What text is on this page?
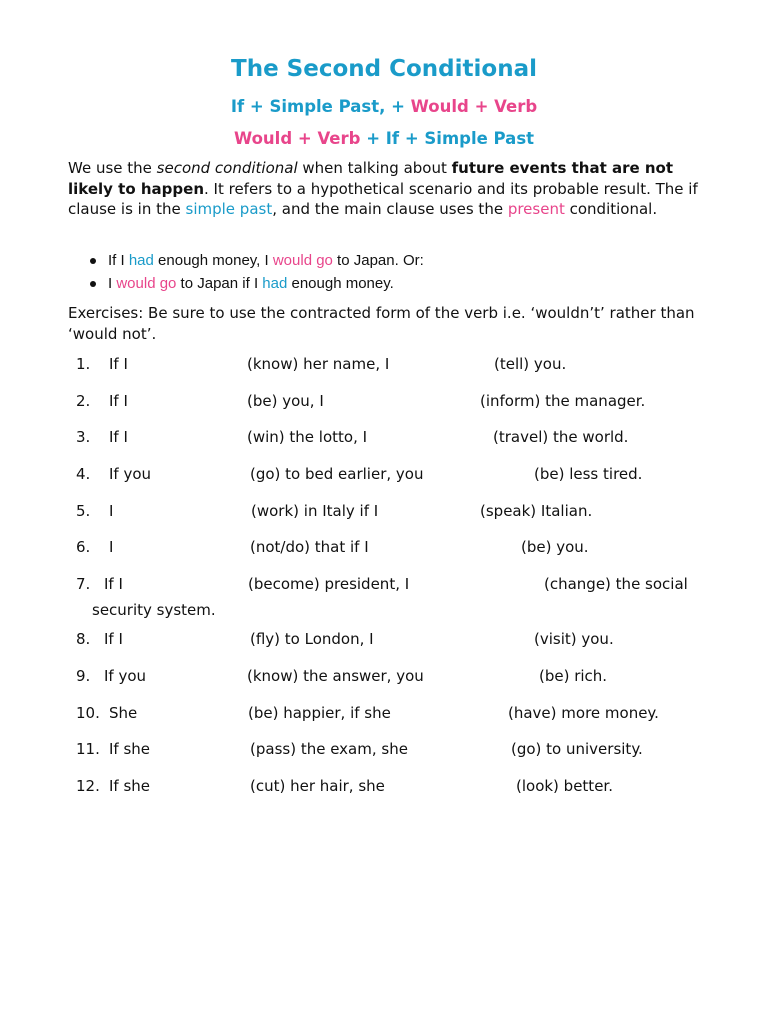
The Second Conditional
If + Simple Past, + Would + Verb
Would + Verb + If + Simple Past
We use the second conditional when talking about future events that are not likely to happen. It refers to a hypothetical scenario and its probable result. The if clause is in the simple past, and the main clause uses the present conditional.
If I had enough money, I would go to Japan. Or:
I would go to Japan if I had enough money.
Exercises: Be sure to use the contracted form of the verb i.e. ‘wouldn’t’ rather than ‘would not’.
1. If I	(know) her name, I	(tell) you.
2. If I	(be) you, I	(inform) the manager.
3. If I	(win) the lotto, I	(travel) the world.
4. If you	(go) to bed earlier, you	(be) less tired.
5. I	(work) in Italy if I	(speak) Italian.
6. I	(not/do) that if I	(be) you.
7. If I	(become) president, I	(change) the social
security system.
8. If I	(fly) to London, I	(visit) you.
9. If you	(know) the answer, you	(be) rich.
10. She	(be) happier, if she	(have) more money.
11. If she	(pass) the exam, she	(go) to university.
12. If she	(cut) her hair, she	(look) better.
